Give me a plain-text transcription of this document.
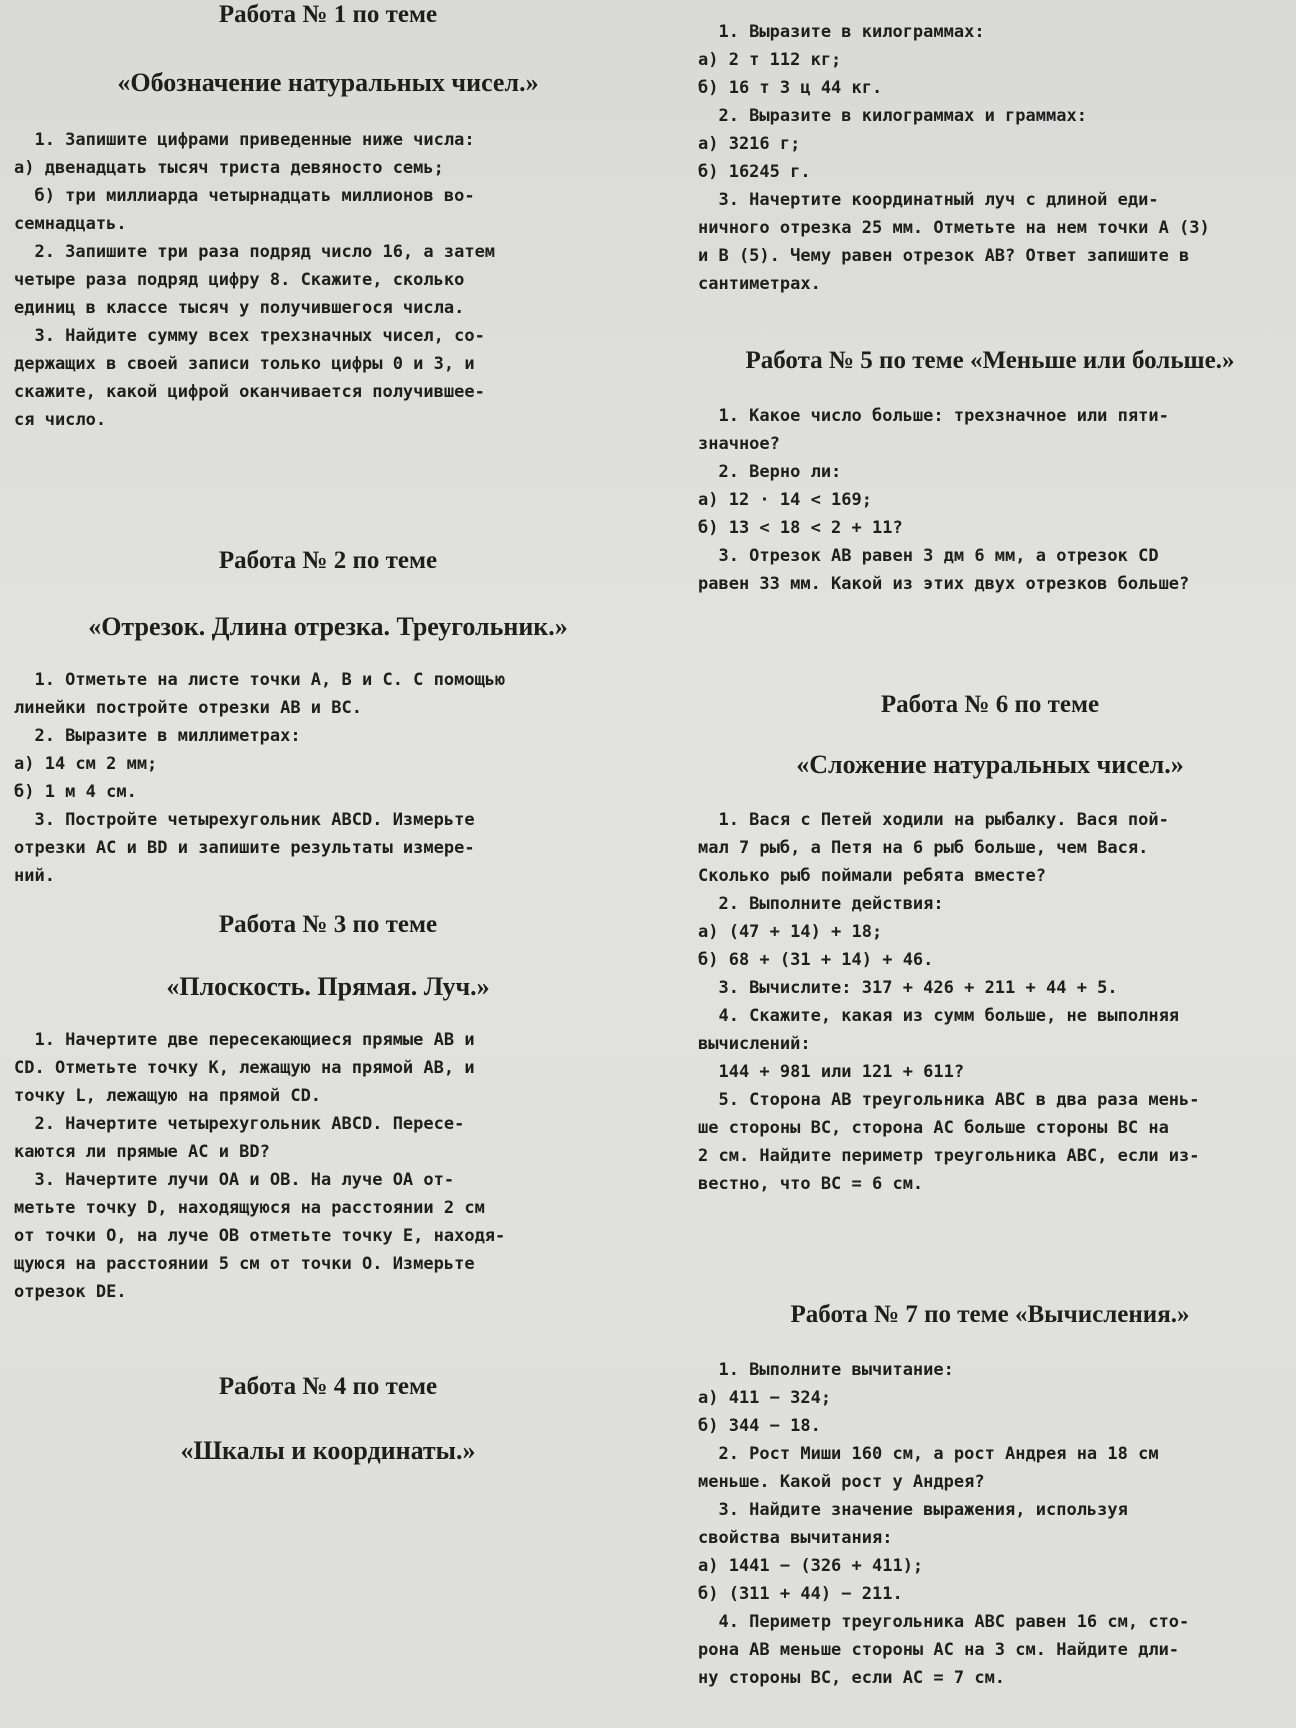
Работа № 1 по теме
«Обозначение натуральных чисел.»
1. Запишите цифрами приведенные ниже числа:
а) двенадцать тысяч триста девяносто семь;
б) три миллиарда четырнадцать миллионов во-
семнадцать.
2. Запишите три раза подряд число 16, а затем
четыре раза подряд цифру 8. Скажите, сколько
единиц в классе тысяч у получившегося числа.
3. Найдите сумму всех трехзначных чисел, со-
держащих в своей записи только цифры 0 и 3, и
скажите, какой цифрой оканчивается получившее-
ся число.
Работа № 2 по теме
«Отрезок. Длина отрезка. Треугольник.»
1. Отметьте на листе точки A, B и C. С помощью
линейки постройте отрезки AB и BC.
2. Выразите в миллиметрах:
а) 14 см 2 мм;
б) 1 м 4 см.
3. Постройте четырехугольник ABCD. Измерьте
отрезки AC и BD и запишите результаты измере-
ний.
Работа № 3 по теме
«Плоскость. Прямая. Луч.»
1. Начертите две пересекающиеся прямые AB и
CD. Отметьте точку K, лежащую на прямой AB, и
точку L, лежащую на прямой CD.
2. Начертите четырехугольник ABCD. Пересе-
каются ли прямые AC и BD?
3. Начертите лучи OA и OB. На луче OA от-
метьте точку D, находящуюся на расстоянии 2 см
от точки O, на луче OB отметьте точку E, находя-
щуюся на расстоянии 5 см от точки O. Измерьте
отрезок DE.
Работа № 4 по теме
«Шкалы и координаты.»
1. Выразите в килограммах:
а) 2 т 112 кг;
б) 16 т 3 ц 44 кг.
2. Выразите в килограммах и граммах:
а) 3216 г;
б) 16245 г.
3. Начертите координатный луч с длиной еди-
ничного отрезка 25 мм. Отметьте на нем точки A (3)
и B (5). Чему равен отрезок AB? Ответ запишите в
сантиметрах.
Работа № 5 по теме «Меньше или больше.»
1. Какое число больше: трехзначное или пяти-
значное?
2. Верно ли:
а) 12 · 14 < 169;
б) 13 < 18 < 2 + 11?
3. Отрезок AB равен 3 дм 6 мм, а отрезок CD
равен 33 мм. Какой из этих двух отрезков больше?
Работа № 6 по теме
«Сложение натуральных чисел.»
1. Вася с Петей ходили на рыбалку. Вася пой-
мал 7 рыб, а Петя на 6 рыб больше, чем Вася.
Сколько рыб поймали ребята вместе?
2. Выполните действия:
а) (47 + 14) + 18;
б) 68 + (31 + 14) + 46.
3. Вычислите: 317 + 426 + 211 + 44 + 5.
4. Скажите, какая из сумм больше, не выполняя
вычислений:
144 + 981 или 121 + 611?
5. Сторона AB треугольника ABC в два раза мень-
ше стороны BC, сторона AC больше стороны BC на
2 см. Найдите периметр треугольника ABC, если из-
вестно, что BC = 6 см.
Работа № 7 по теме «Вычисления.»
1. Выполните вычитание:
а) 411 − 324;
б) 344 − 18.
2. Рост Миши 160 см, а рост Андрея на 18 см
меньше. Какой рост у Андрея?
3. Найдите значение выражения, используя
свойства вычитания:
а) 1441 − (326 + 411);
б) (311 + 44) − 211.
4. Периметр треугольника ABC равен 16 см, сто-
рона AB меньше стороны AC на 3 см. Найдите дли-
ну стороны BC, если AC = 7 см.
